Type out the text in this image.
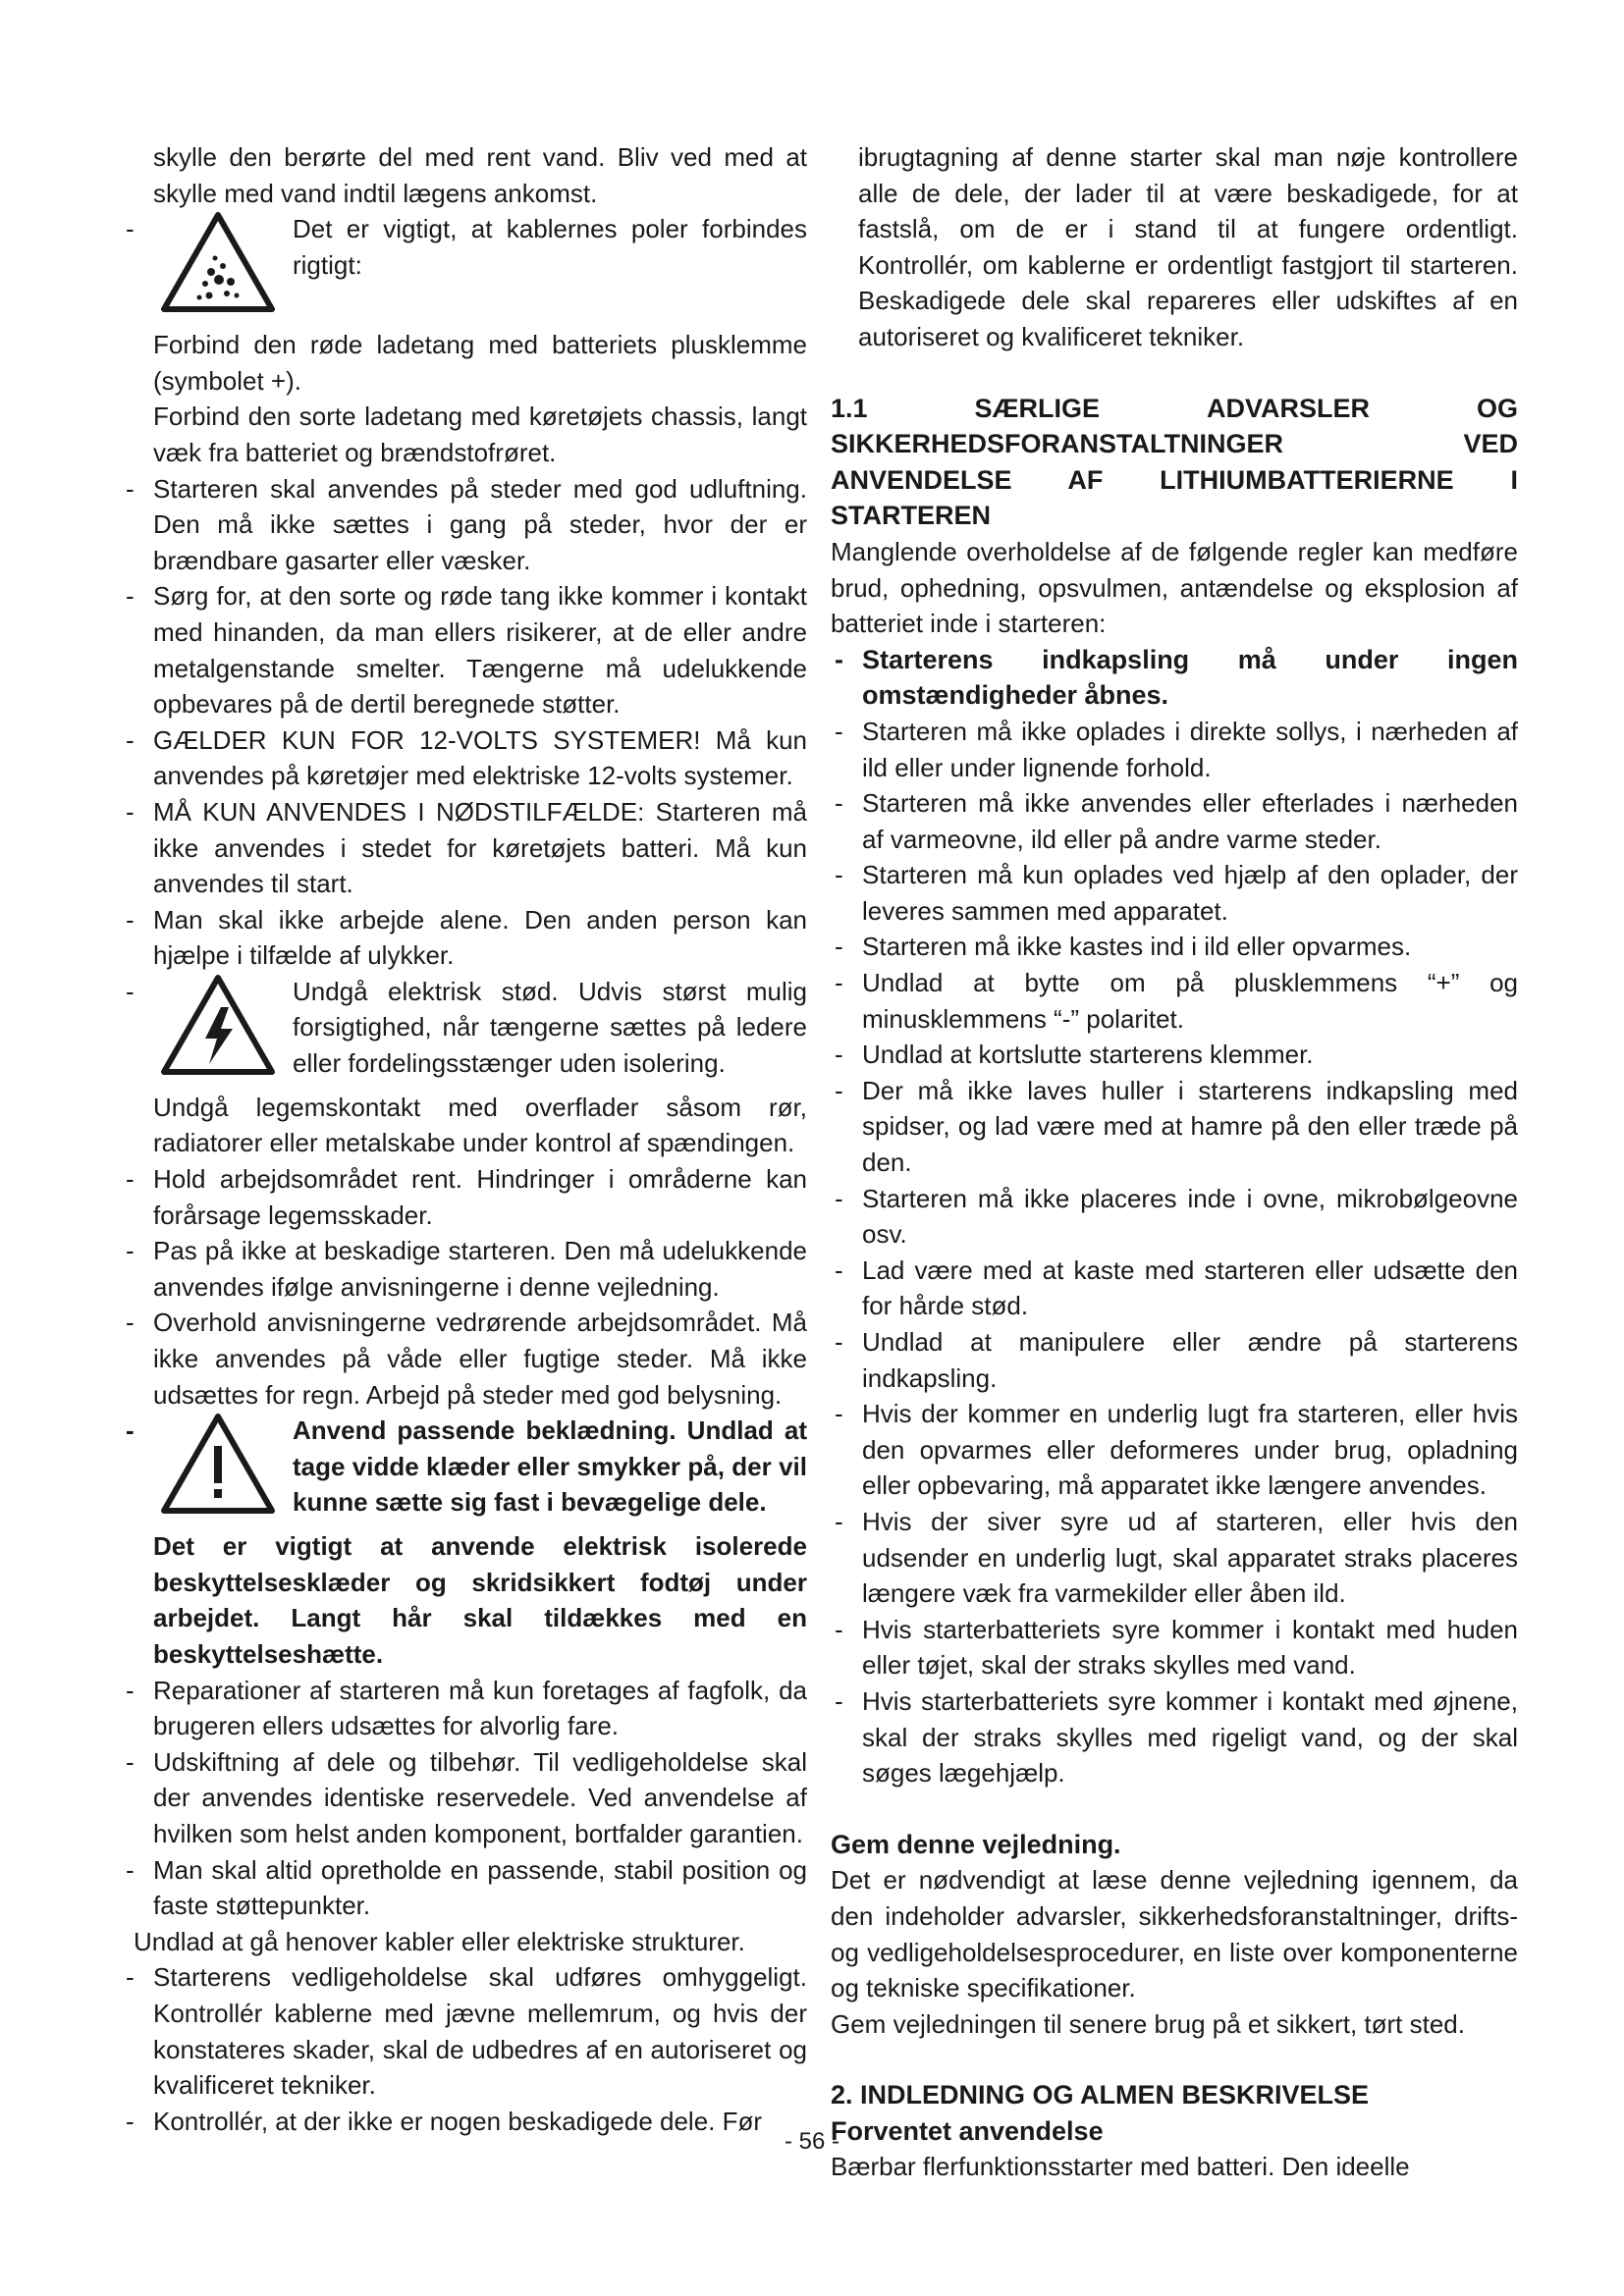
skylle den berørte del med rent vand. Bliv ved med at skylle med vand indtil lægens ankomst.

- Det er vigtigt, at kablernes poler forbindes rigtigt:

Forbind den røde ladetang med batteriets plusklemme (symbolet +).

Forbind den sorte ladetang med køretøjets chassis, langt væk fra batteriet og brændstofrøret.

- Starteren skal anvendes på steder med god udluftning. Den må ikke sættes i gang på steder, hvor der er brændbare gasarter eller væsker.

- Sørg for, at den sorte og røde tang ikke kommer i kontakt med hinanden, da man ellers risikerer, at de eller andre metalgenstande smelter. Tængerne må udelukkende opbevares på de dertil beregnede støtter.

- GÆLDER KUN FOR 12-VOLTS SYSTEMER! Må kun anvendes på køretøjer med elektriske 12-volts systemer.

- MÅ KUN ANVENDES I NØDSTILFÆLDE: Starteren må ikke anvendes i stedet for køretøjets batteri. Må kun anvendes til start.

- Man skal ikke arbejde alene. Den anden person kan hjælpe i tilfælde af ulykker.

- Undgå elektrisk stød. Udvis størst mulig forsigtighed, når tængerne sættes på ledere eller fordelingsstænger uden isolering.

Undgå legemskontakt med overflader såsom rør, radiatorer eller metalskabe under kontrol af spændingen.

- Hold arbejdsområdet rent. Hindringer i områderne kan forårsage legemsskader.

- Pas på ikke at beskadige starteren. Den må udelukkende anvendes ifølge anvisningerne i denne vejledning.

- Overhold anvisningerne vedrørende arbejdsområdet. Må ikke anvendes på våde eller fugtige steder. Må ikke udsættes for regn. Arbejd på steder med god belysning.

- Anvend passende beklædning. Undlad at tage vidde klæder eller smykker på, der vil kunne sætte sig fast i bevægelige dele.

Det er vigtigt at anvende elektrisk isolerede beskyttelsesklæder og skridsikkert fodtøj under arbejdet. Langt hår skal tildækkes med en beskyttelseshætte.

- Reparationer af starteren må kun foretages af fagfolk, da brugeren ellers udsættes for alvorlig fare.

- Udskiftning af dele og tilbehør. Til vedligeholdelse skal der anvendes identiske reservedele. Ved anvendelse af hvilken som helst anden komponent, bortfalder garantien.

- Man skal altid opretholde en passende, stabil position og faste støttepunkter.

Undlad at gå henover kabler eller elektriske strukturer.

- Starterens vedligeholdelse skal udføres omhyggeligt. Kontrollér kablerne med jævne mellemrum, og hvis der konstateres skader, skal de udbedres af en autoriseret og kvalificeret tekniker.

- Kontrollér, at der ikke er nogen beskadigede dele. Før

ibrugtagning af denne starter skal man nøje kontrollere alle de dele, der lader til at være beskadigede, for at fastslå, om de er i stand til at fungere ordentligt. Kontrollér, om kablerne er ordentligt fastgjort til starteren. Beskadigede dele skal repareres eller udskiftes af en autoriseret og kvalificeret tekniker.

1.1	SÆRLIGE	ADVARSLER	OG
SIKKERHEDSFORANSTALTNINGER VED ANVENDELSE AF LITHIUMBATTERIERNE I STARTEREN

Manglende overholdelse af de følgende regler kan medføre brud, ophedning, opsvulmen, antændelse og eksplosion af batteriet inde i starteren:

- Starterens indkapsling må under ingen omstændigheder åbnes.

- Starteren må ikke oplades i direkte sollys, i nærheden af ild eller under lignende forhold.

- Starteren må ikke anvendes eller efterlades i nærheden af varmeovne, ild eller på andre varme steder.

- Starteren må kun oplades ved hjælp af den oplader, der leveres sammen med apparatet.

- Starteren må ikke kastes ind i ild eller opvarmes.

- Undlad at bytte om på plusklemmens “+” og minusklemmens “-” polaritet.

- Undlad at kortslutte starterens klemmer.

- Der må ikke laves huller i starterens indkapsling med spidser, og lad være med at hamre på den eller træde på den.

- Starteren må ikke placeres inde i ovne, mikrobølgeovne osv.

- Lad være med at kaste med starteren eller udsætte den for hårde stød.

- Undlad at manipulere eller ændre på starterens indkapsling.

- Hvis der kommer en underlig lugt fra starteren, eller hvis den opvarmes eller deformeres under brug, opladning eller opbevaring, må apparatet ikke længere anvendes.

- Hvis der siver syre ud af starteren, eller hvis den udsender en underlig lugt, skal apparatet straks placeres længere væk fra varmekilder eller åben ild.

- Hvis starterbatteriets syre kommer i kontakt med huden eller tøjet, skal der straks skylles med vand.

- Hvis starterbatteriets syre kommer i kontakt med øjnene, skal der straks skylles med rigeligt vand, og der skal søges lægehjælp.

Gem denne vejledning.

Det er nødvendigt at læse denne vejledning igennem, da den indeholder advarsler, sikkerhedsforanstaltninger, drifts- og vedligeholdelsesprocedurer, en liste over komponenterne og tekniske specifikationer.

Gem vejledningen til senere brug på et sikkert, tørt sted.

2. INDLEDNING OG ALMEN BESKRIVELSE

Forventet anvendelse

Bærbar flerfunktionsstarter med batteri. Den ideelle

- 56 -
